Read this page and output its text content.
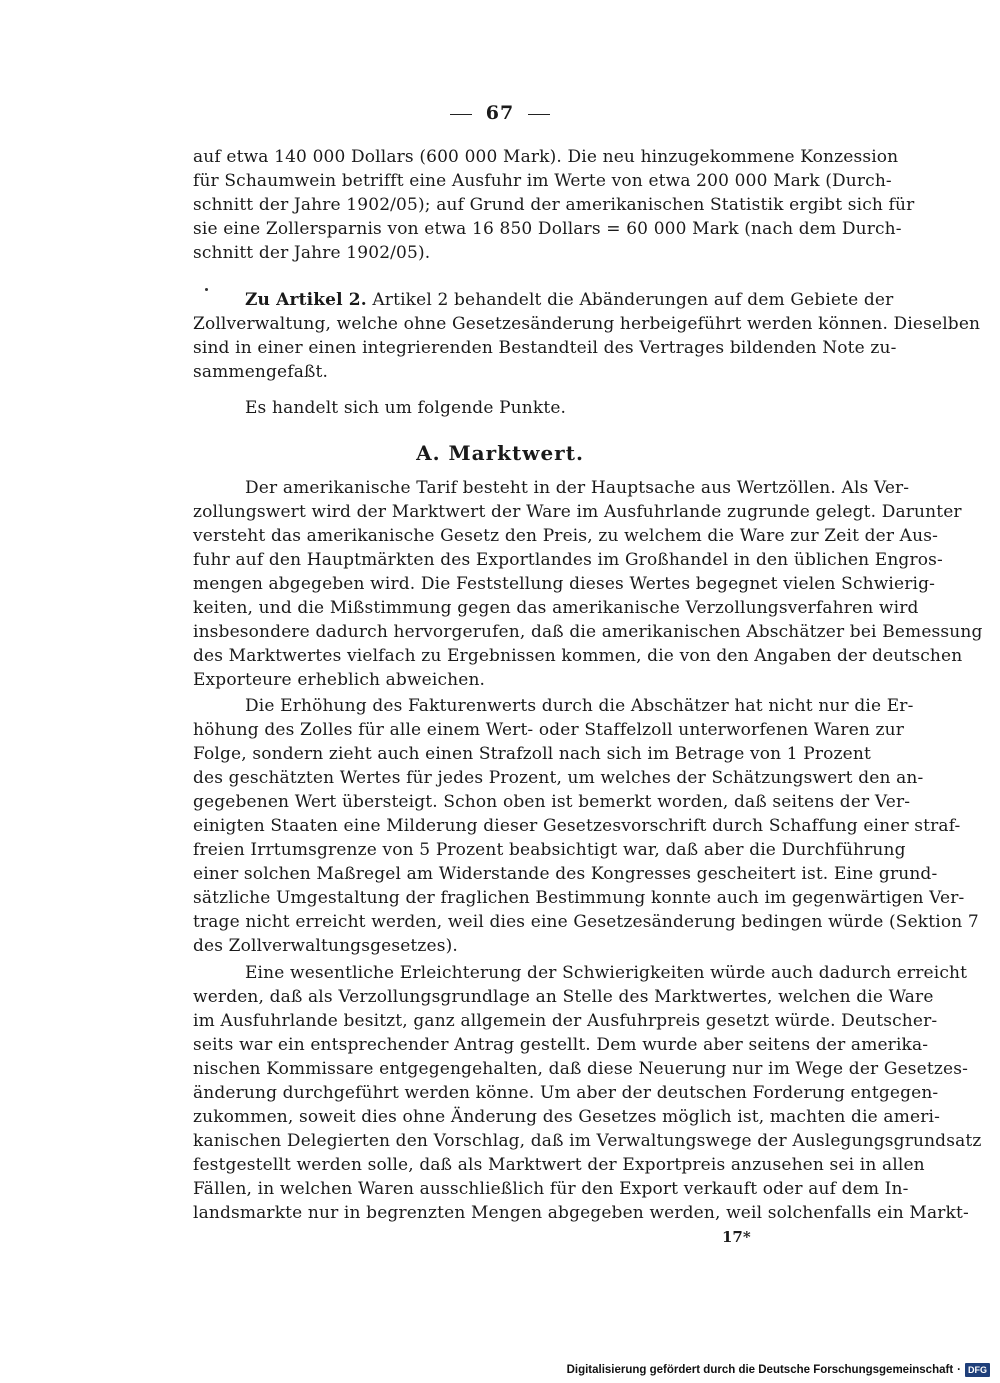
67
auf etwa 140 000 Dollars (600 000 Mark). Die neu hinzugekommene Konzession
für Schaumwein betrifft eine Ausfuhr im Werte von etwa 200 000 Mark (Durch-
schnitt der Jahre 1902/05); auf Grund der amerikanischen Statistik ergibt sich für
sie eine Zollersparnis von etwa 16 850 Dollars = 60 000 Mark (nach dem Durch-
schnitt der Jahre 1902/05).
Zu Artikel 2. Artikel 2 behandelt die Abänderungen auf dem Gebiete der
Zollverwaltung, welche ohne Gesetzesänderung herbeigeführt werden können. Dieselben
sind in einer einen integrierenden Bestandteil des Vertrages bildenden Note zu-
sammengefaßt.
Es handelt sich um folgende Punkte.
A. Marktwert.
Der amerikanische Tarif besteht in der Hauptsache aus Wertzöllen. Als Ver-
zollungswert wird der Marktwert der Ware im Ausfuhrlande zugrunde gelegt. Darunter
versteht das amerikanische Gesetz den Preis, zu welchem die Ware zur Zeit der Aus-
fuhr auf den Hauptmärkten des Exportlandes im Großhandel in den üblichen Engros-
mengen abgegeben wird. Die Feststellung dieses Wertes begegnet vielen Schwierig-
keiten, und die Mißstimmung gegen das amerikanische Verzollungsverfahren wird
insbesondere dadurch hervorgerufen, daß die amerikanischen Abschätzer bei Bemessung
des Marktwertes vielfach zu Ergebnissen kommen, die von den Angaben der deutschen
Exporteure erheblich abweichen.
Die Erhöhung des Fakturenwerts durch die Abschätzer hat nicht nur die Er-
höhung des Zolles für alle einem Wert- oder Staffelzoll unterworfenen Waren zur
Folge, sondern zieht auch einen Strafzoll nach sich im Betrage von 1 Prozent
des geschätzten Wertes für jedes Prozent, um welches der Schätzungswert den an-
gegebenen Wert übersteigt. Schon oben ist bemerkt worden, daß seitens der Ver-
einigten Staaten eine Milderung dieser Gesetzesvorschrift durch Schaffung einer straf-
freien Irrtumsgrenze von 5 Prozent beabsichtigt war, daß aber die Durchführung
einer solchen Maßregel am Widerstande des Kongresses gescheitert ist. Eine grund-
sätzliche Umgestaltung der fraglichen Bestimmung konnte auch im gegenwärtigen Ver-
trage nicht erreicht werden, weil dies eine Gesetzesänderung bedingen würde (Sektion 7
des Zollverwaltungsgesetzes).
Eine wesentliche Erleichterung der Schwierigkeiten würde auch dadurch erreicht
werden, daß als Verzollungsgrundlage an Stelle des Marktwertes, welchen die Ware
im Ausfuhrlande besitzt, ganz allgemein der Ausfuhrpreis gesetzt würde. Deutscher-
seits war ein entsprechender Antrag gestellt. Dem wurde aber seitens der amerika-
nischen Kommissare entgegengehalten, daß diese Neuerung nur im Wege der Gesetzes-
änderung durchgeführt werden könne. Um aber der deutschen Forderung entgegen-
zukommen, soweit dies ohne Änderung des Gesetzes möglich ist, machten die ameri-
kanischen Delegierten den Vorschlag, daß im Verwaltungswege der Auslegungsgrundsatz
festgestellt werden solle, daß als Marktwert der Exportpreis anzusehen sei in allen
Fällen, in welchen Waren ausschließlich für den Export verkauft oder auf dem In-
landsmarkte nur in begrenzten Mengen abgegeben werden, weil solchenfalls ein Markt-
17*
Digitalisierung gefördert durch die Deutsche Forschungsgemeinschaft · DFG
